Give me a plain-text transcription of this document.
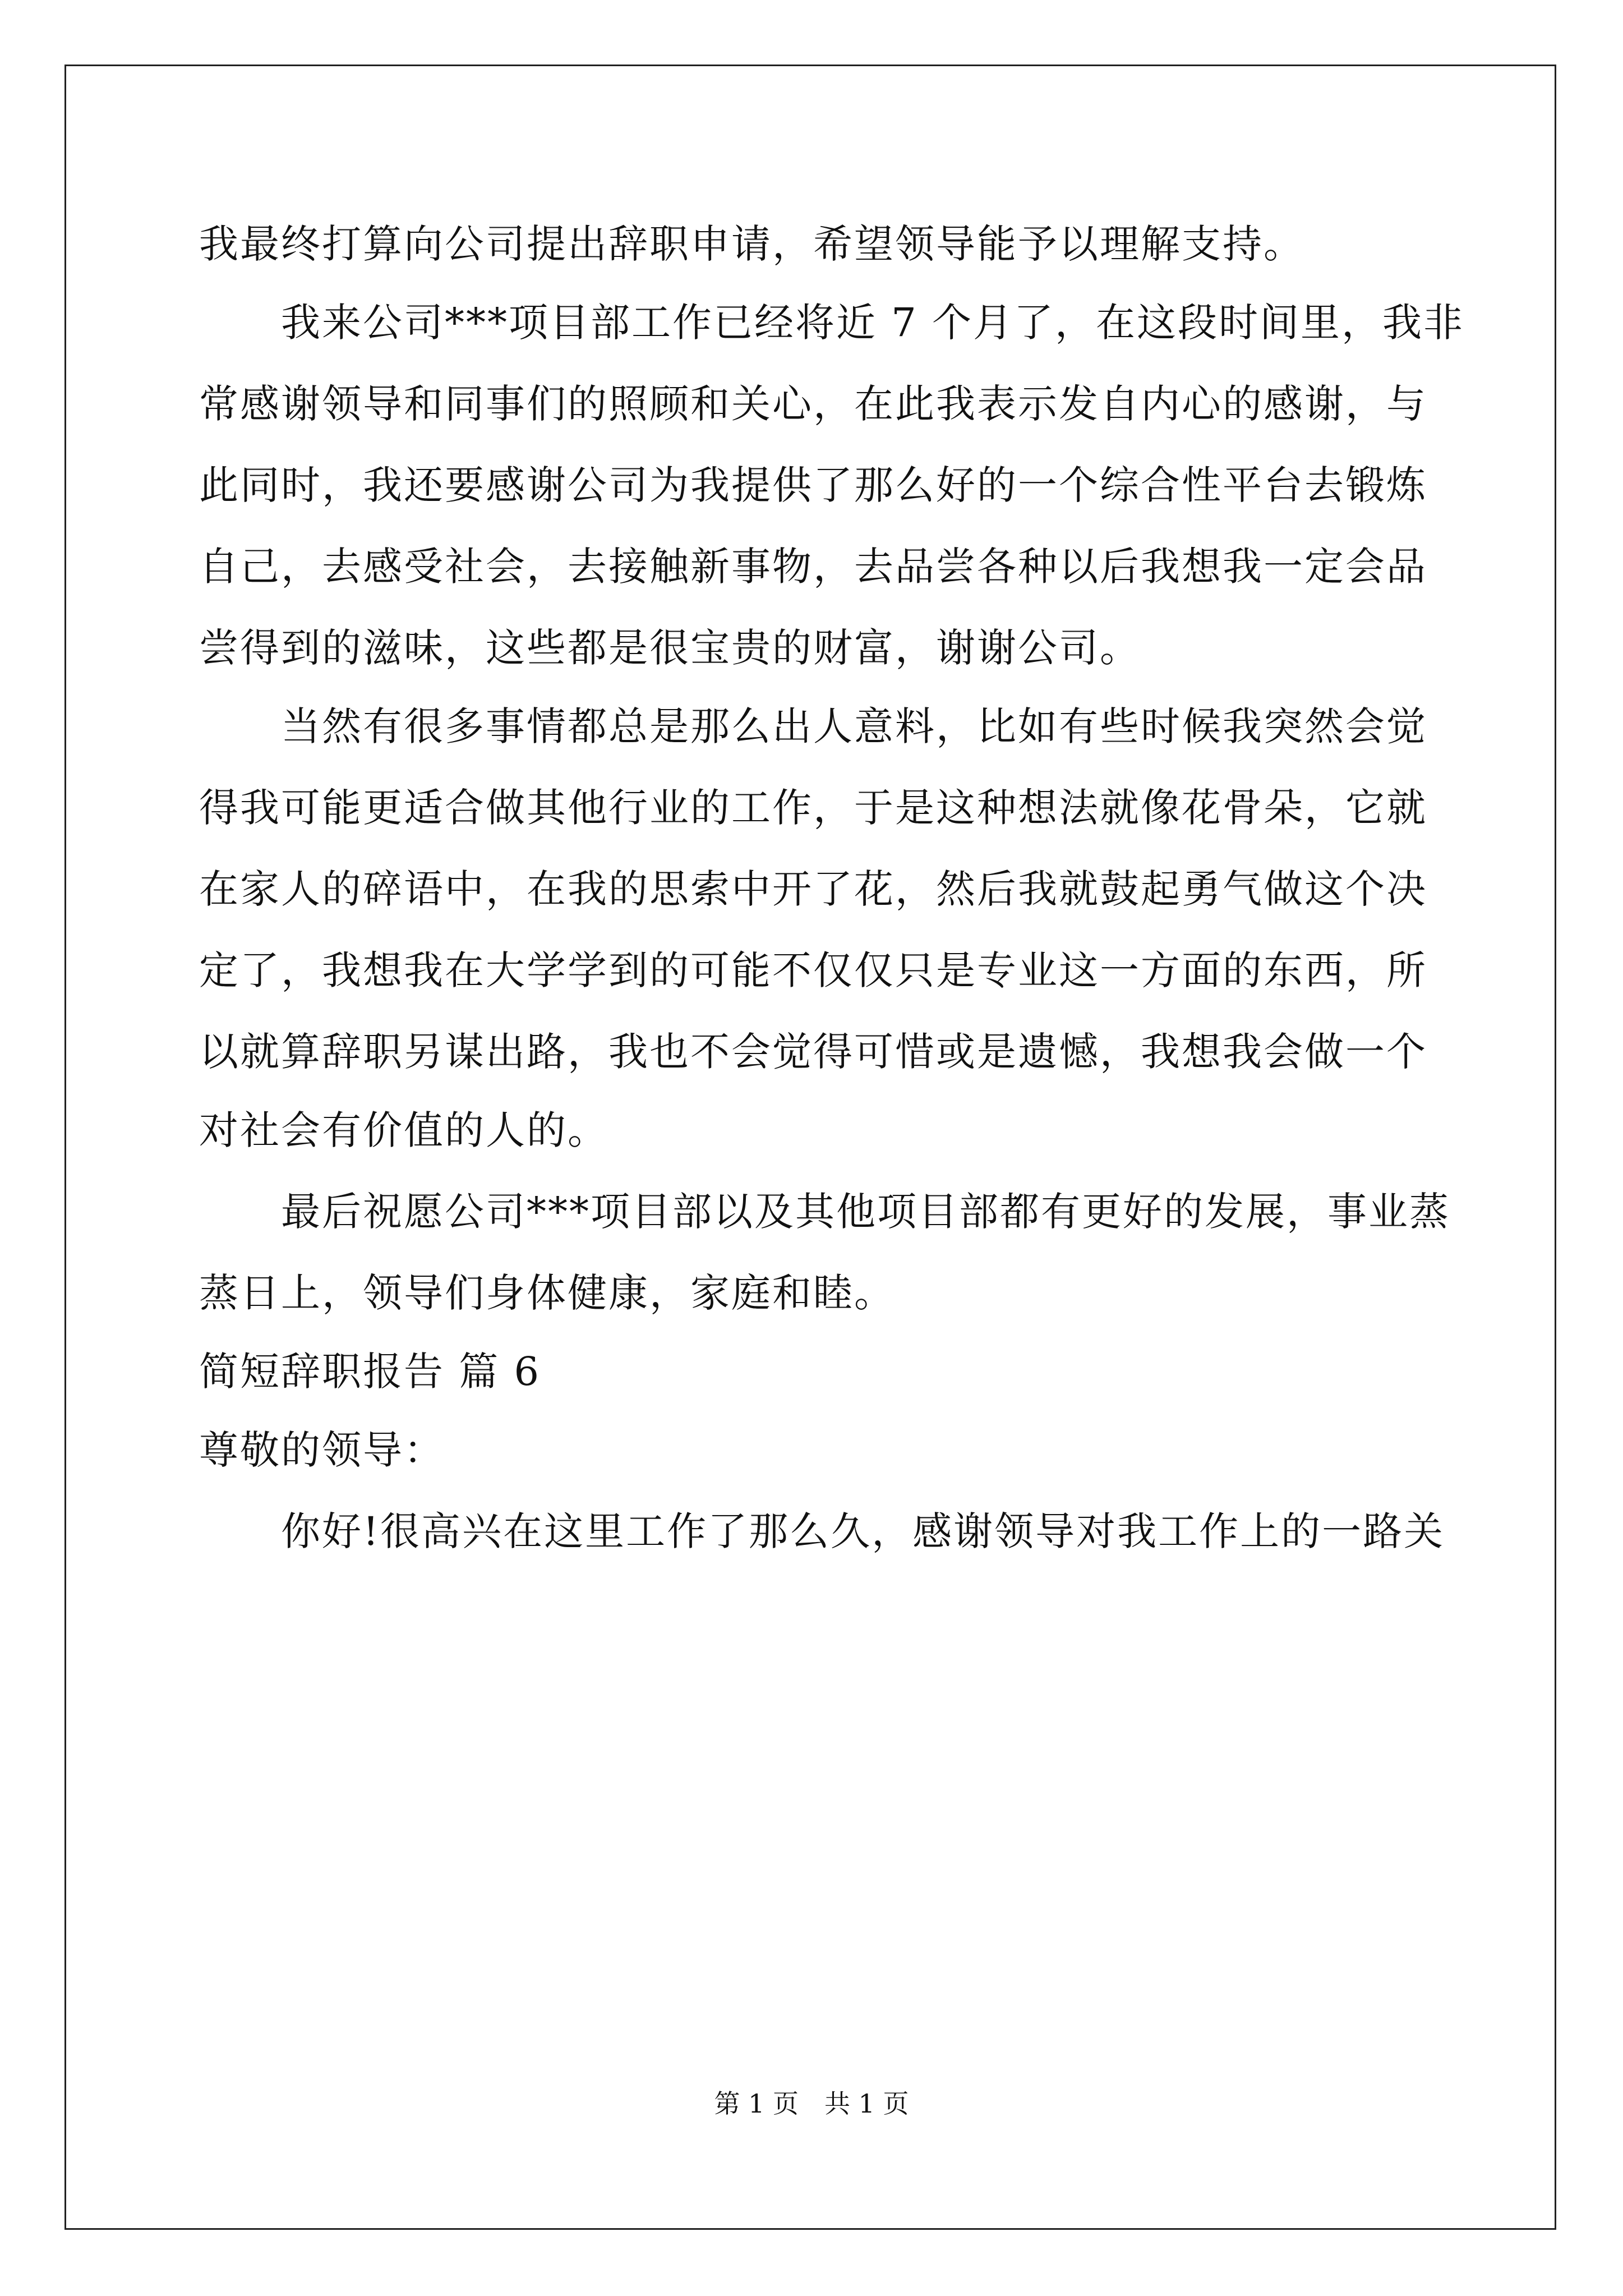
我最终打算向公司提出辞职申请，希望领导能予以理解支持。
　　我来公司***项目部工作已经将近 7 个月了，在这段时间里，我非
常感谢领导和同事们的照顾和关心，在此我表示发自内心的感谢，与
此同时，我还要感谢公司为我提供了那么好的一个综合性平台去锻炼
自己，去感受社会，去接触新事物，去品尝各种以后我想我一定会品
尝得到的滋味，这些都是很宝贵的财富，谢谢公司。
　　当然有很多事情都总是那么出人意料，比如有些时候我突然会觉
得我可能更适合做其他行业的工作，于是这种想法就像花骨朵，它就
在家人的碎语中，在我的思索中开了花，然后我就鼓起勇气做这个决
定了，我想我在大学学到的可能不仅仅只是专业这一方面的东西，所
以就算辞职另谋出路，我也不会觉得可惜或是遗憾，我想我会做一个
对社会有价值的人的。
　　最后祝愿公司***项目部以及其他项目部都有更好的发展，事业蒸
蒸日上，领导们身体健康，家庭和睦。
简短辞职报告 篇 6
尊敬的领导：
　　你好!很高兴在这里工作了那么久，感谢领导对我工作上的一路关
第 1 页　共 1 页
